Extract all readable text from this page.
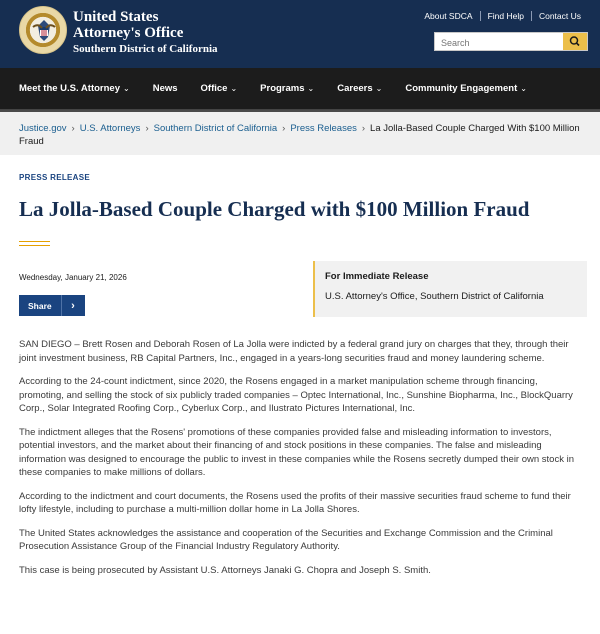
United States
Attorney's Office
Southern District of California
About SDCA	Find Help	Contact Us
Search
Meet the U.S. Attorney ⌄ News Office ⌄ Programs ⌄ Careers ⌄ Community Engagement ⌄
Justice.gov › U.S. Attorneys › Southern District of California › Press Releases › La Jolla-Based Couple Charged With $100 Million Fraud
PRESS RELEASE
La Jolla-Based Couple Charged with $100 Million Fraud
Wednesday, January 21, 2026
Share	›
For Immediate Release
U.S. Attorney's Office, Southern District of California

SAN DIEGO – Brett Rosen and Deborah Rosen of La Jolla were indicted by a federal grand jury on charges that they, through their joint investment business, RB Capital Partners, Inc., engaged in a years-long securities fraud and money laundering scheme.

According to the 24-count indictment, since 2020, the Rosens engaged in a market manipulation scheme through financing, promoting, and selling the stock of six publicly traded companies – Optec International, Inc., Sunshine Biopharma, Inc., BlockQuarry Corp., Solar Integrated Roofing Corp., Cyberlux Corp., and Ilustrato Pictures International, Inc.

The indictment alleges that the Rosens' promotions of these companies provided false and misleading information to investors, potential investors, and the market about their financing of and stock positions in these companies. The false and misleading information was designed to encourage the public to invest in these companies while the Rosens secretly dumped their own stock in these companies to make millions of dollars.

According to the indictment and court documents, the Rosens used the profits of their massive securities fraud scheme to fund their lofty lifestyle, including to purchase a multi-million dollar home in La Jolla Shores.

The United States acknowledges the assistance and cooperation of the Securities and Exchange Commission and the Criminal Prosecution Assistance Group of the Financial Industry Regulatory Authority.

This case is being prosecuted by Assistant U.S. Attorneys Janaki G. Chopra and Joseph S. Smith.
